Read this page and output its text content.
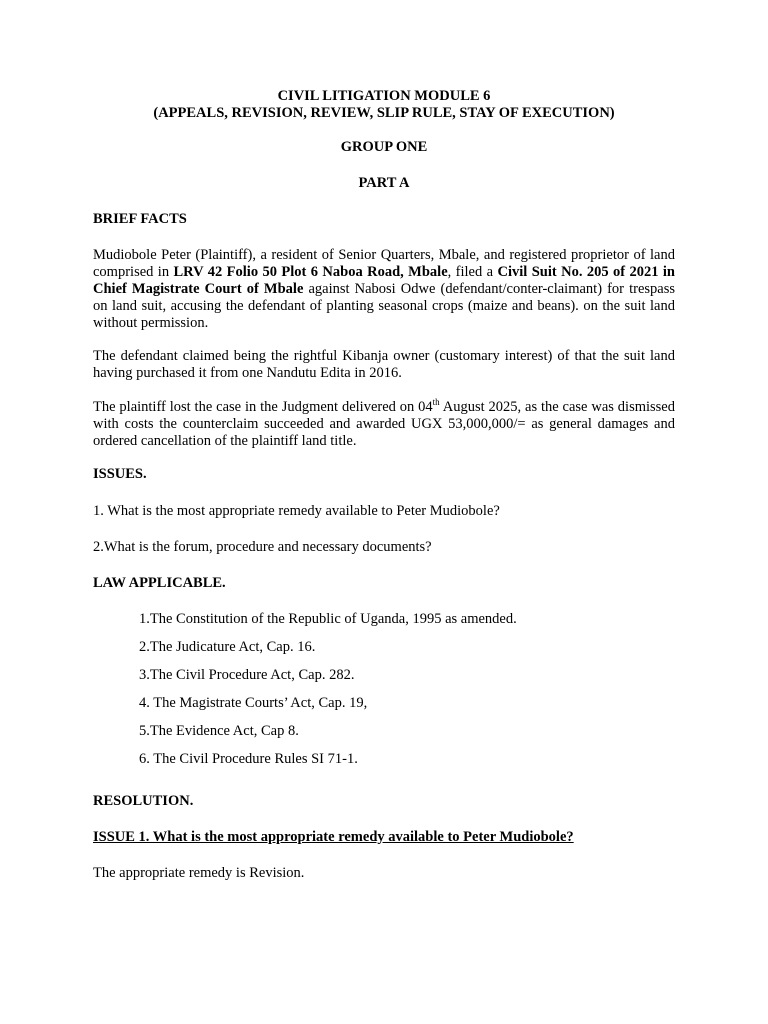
CIVIL LITIGATION MODULE 6
(APPEALS, REVISION, REVIEW, SLIP RULE, STAY OF EXECUTION)
GROUP ONE
PART A
BRIEF FACTS
Mudiobole Peter (Plaintiff), a resident of Senior Quarters, Mbale, and registered proprietor of land comprised in LRV 42 Folio 50 Plot 6 Naboa Road, Mbale, filed a Civil Suit No. 205 of 2021 in Chief Magistrate Court of Mbale against Nabosi Odwe (defendant/conter-claimant) for trespass on land suit, accusing the defendant of planting seasonal crops (maize and beans). on the suit land without permission.
The defendant claimed being the rightful Kibanja owner (customary interest) of that the suit land having purchased it from one Nandutu Edita in 2016.
The plaintiff lost the case in the Judgment delivered on 04th August 2025, as the case was dismissed with costs the counterclaim succeeded and awarded UGX 53,000,000/= as general damages and ordered cancellation of the plaintiff land title.
ISSUES.
1. What is the most appropriate remedy available to Peter Mudiobole?
2.What is the forum, procedure and necessary documents?
LAW APPLICABLE.
1.The Constitution of the Republic of Uganda, 1995 as amended.
2.The Judicature Act, Cap. 16.
3.The Civil Procedure Act, Cap. 282.
4. The Magistrate Courts’ Act, Cap. 19,
5.The Evidence Act, Cap 8.
6. The Civil Procedure Rules SI 71-1.
RESOLUTION.
ISSUE 1. What is the most appropriate remedy available to Peter Mudiobole?
The appropriate remedy is Revision.
